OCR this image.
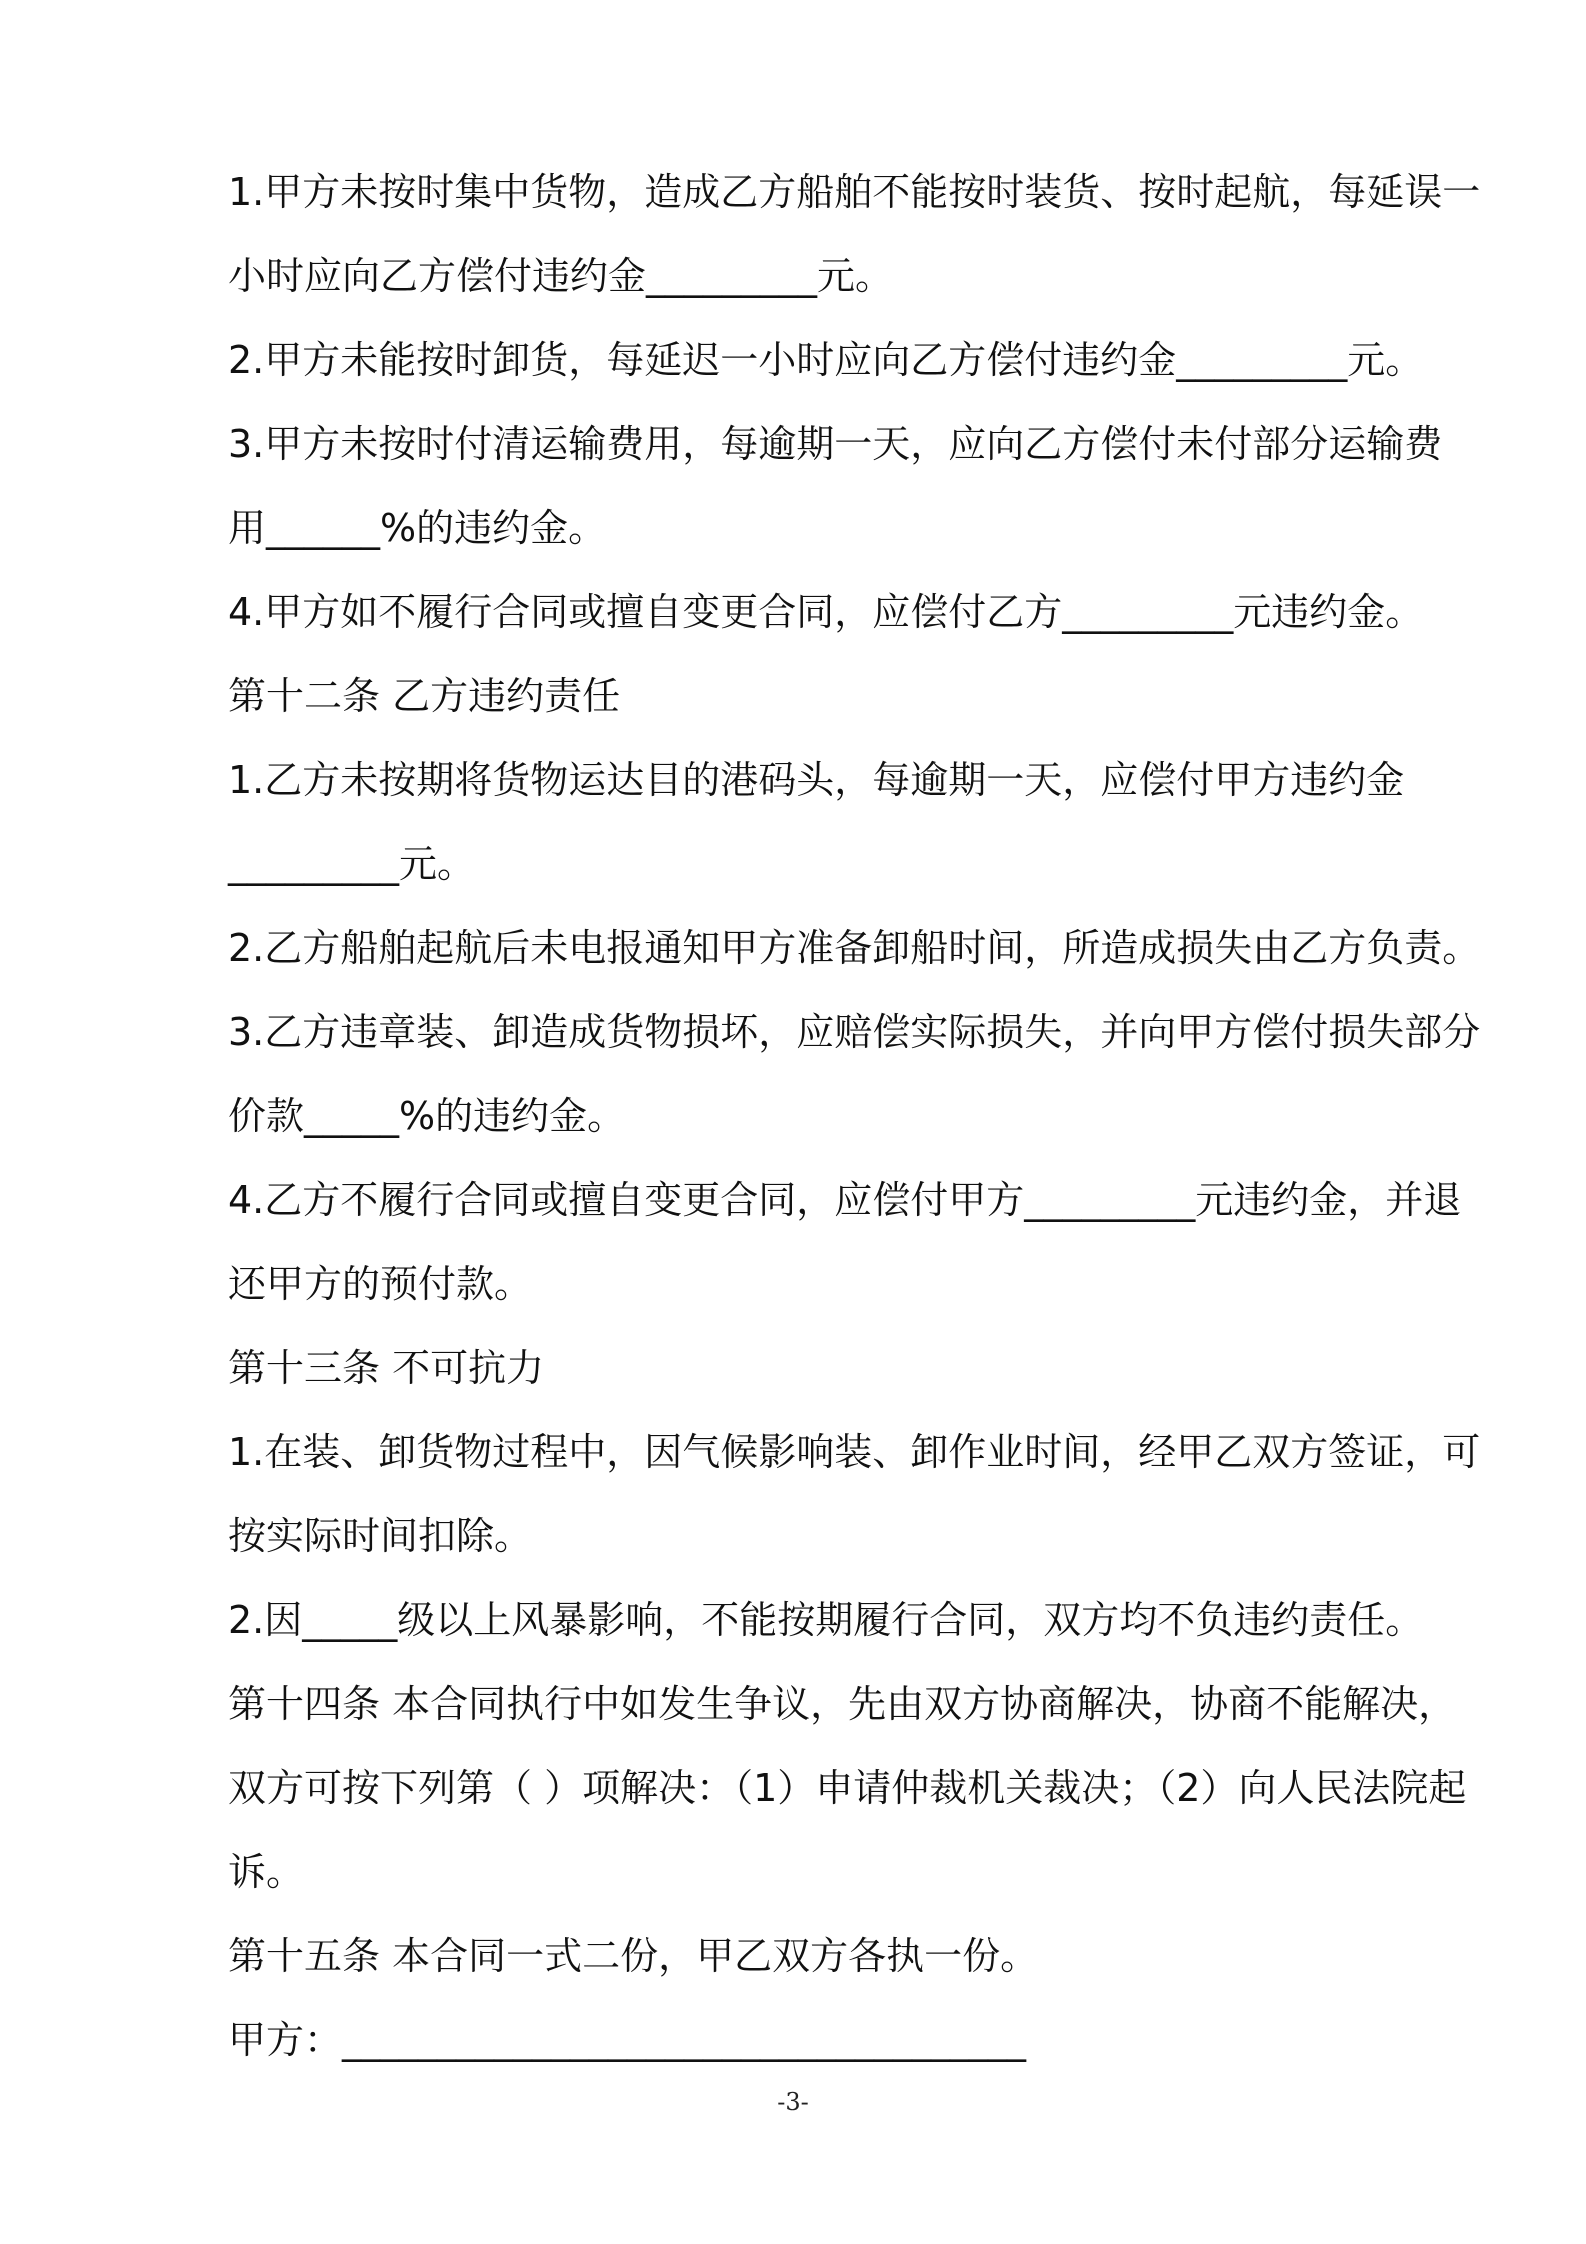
1.甲方未按时集中货物，造成乙方船舶不能按时装货、按时起航，每延误一
小时应向乙方偿付违约金_________元。
2.甲方未能按时卸货，每延迟一小时应向乙方偿付违约金_________元。
3.甲方未按时付清运输费用，每逾期一天，应向乙方偿付未付部分运输费
用______%的违约金。
4.甲方如不履行合同或擅自变更合同，应偿付乙方_________元违约金。
第十二条 乙方违约责任
1.乙方未按期将货物运达目的港码头，每逾期一天，应偿付甲方违约金
_________元。
2.乙方船舶起航后未电报通知甲方准备卸船时间，所造成损失由乙方负责。
3.乙方违章装、卸造成货物损坏，应赔偿实际损失，并向甲方偿付损失部分
价款_____%的违约金。
4.乙方不履行合同或擅自变更合同，应偿付甲方_________元违约金，并退
还甲方的预付款。
第十三条 不可抗力
1.在装、卸货物过程中，因气候影响装、卸作业时间，经甲乙双方签证，可
按实际时间扣除。
2.因_____级以上风暴影响，不能按期履行合同，双方均不负违约责任。
第十四条 本合同执行中如发生争议，先由双方协商解决，协商不能解决，
双方可按下列第（ ）项解决：（1）申请仲裁机关裁决；（2）向人民法院起
诉。
第十五条 本合同一式二份，甲乙双方各执一份。
甲方：____________________________________
-3-
